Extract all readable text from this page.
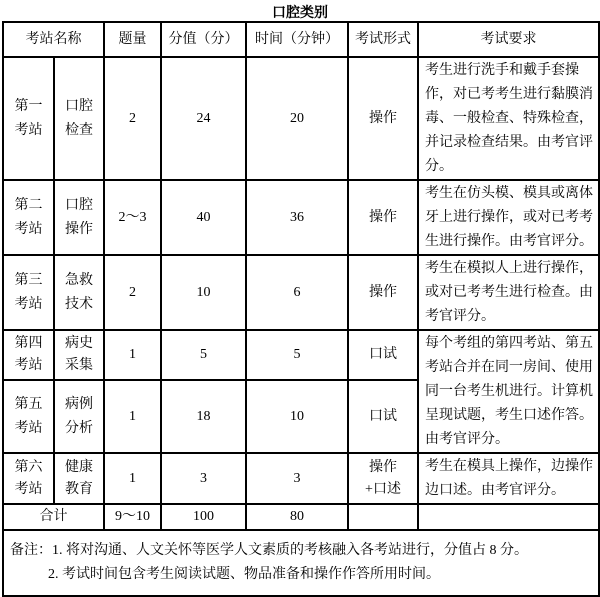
口腔类别
考站名称		题量	分值（分）	时间（分钟）	考试形式	考试要求
第一考站	口腔检查	2	24	20	操作	考生进行洗手和戴手套操作，对已考考生进行黏膜消毒、一般检查、特殊检查，并记录检查结果。由考官评分。
第二考站	口腔操作	2～3	40	36	操作	考生在仿头模、模具或离体牙上进行操作，或对已考考生进行操作。由考官评分。
第三考站	急救技术	2	10	6	操作	考生在模拟人上进行操作，或对已考考生进行检查。由考官评分。
第四考站	病史采集	1	5	5	口试	每个考组的第四考站、第五考站合并在同一房间、使用同一台考生机进行。计算机呈现试题，考生口述作答。由考官评分。
第五考站	病例分析	1	18	10	口试	
第六考站	健康教育	1	3	3	操作+口述	考生在模具上操作，边操作边口述。由考官评分。
合计		9～10	100	80		

备注：1. 将对沟通、人文关怀等医学人文素质的考核融入各考站进行，分值占 8 分。
2. 考试时间包含考生阅读试题、物品准备和操作作答所用时间。						
